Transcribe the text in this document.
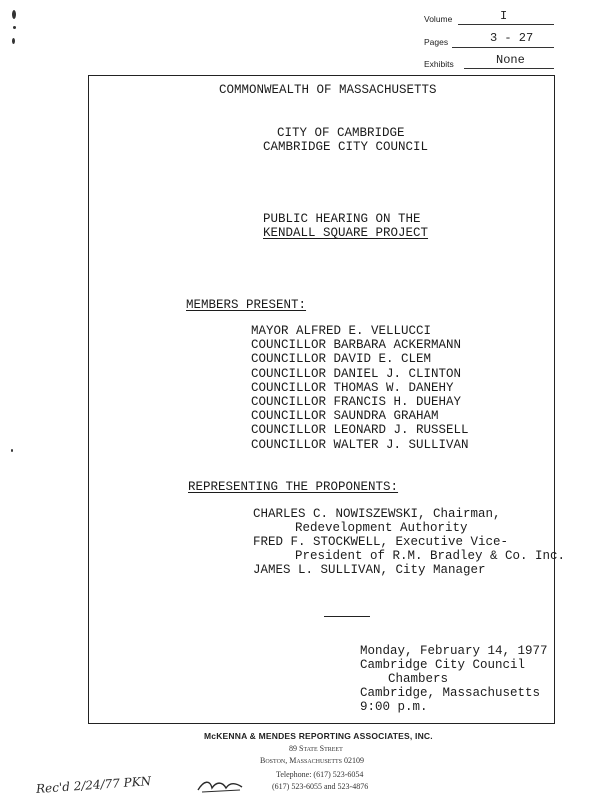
Volume	I
Pages	3 - 27
Exhibits	None
COMMONWEALTH OF MASSACHUSETTS
CITY OF CAMBRIDGE
CAMBRIDGE CITY COUNCIL
PUBLIC HEARING ON THE
KENDALL SQUARE PROJECT
MEMBERS PRESENT:
MAYOR ALFRED E. VELLUCCI
COUNCILLOR BARBARA ACKERMANN
COUNCILLOR DAVID E. CLEM
COUNCILLOR DANIEL J. CLINTON
COUNCILLOR THOMAS W. DANEHY
COUNCILLOR FRANCIS H. DUEHAY
COUNCILLOR SAUNDRA GRAHAM
COUNCILLOR LEONARD J. RUSSELL
COUNCILLOR WALTER J. SULLIVAN
REPRESENTING THE PROPONENTS:
CHARLES C. NOWISZEWSKI, Chairman,
Redevelopment Authority
FRED F. STOCKWELL, Executive Vice-
President of R.M. Bradley & Co. Inc.
JAMES L. SULLIVAN, City Manager
Monday, February 14, 1977
Cambridge City Council
Chambers
Cambridge, Massachusetts
9:00 p.m.
McKENNA & MENDES REPORTING ASSOCIATES, INC.
89 State Street
Boston, Massachusetts 02109
Telephone: (617) 523-6054
(617) 523-6055 and 523-4876
Rec'd 2/24/77 PKN
